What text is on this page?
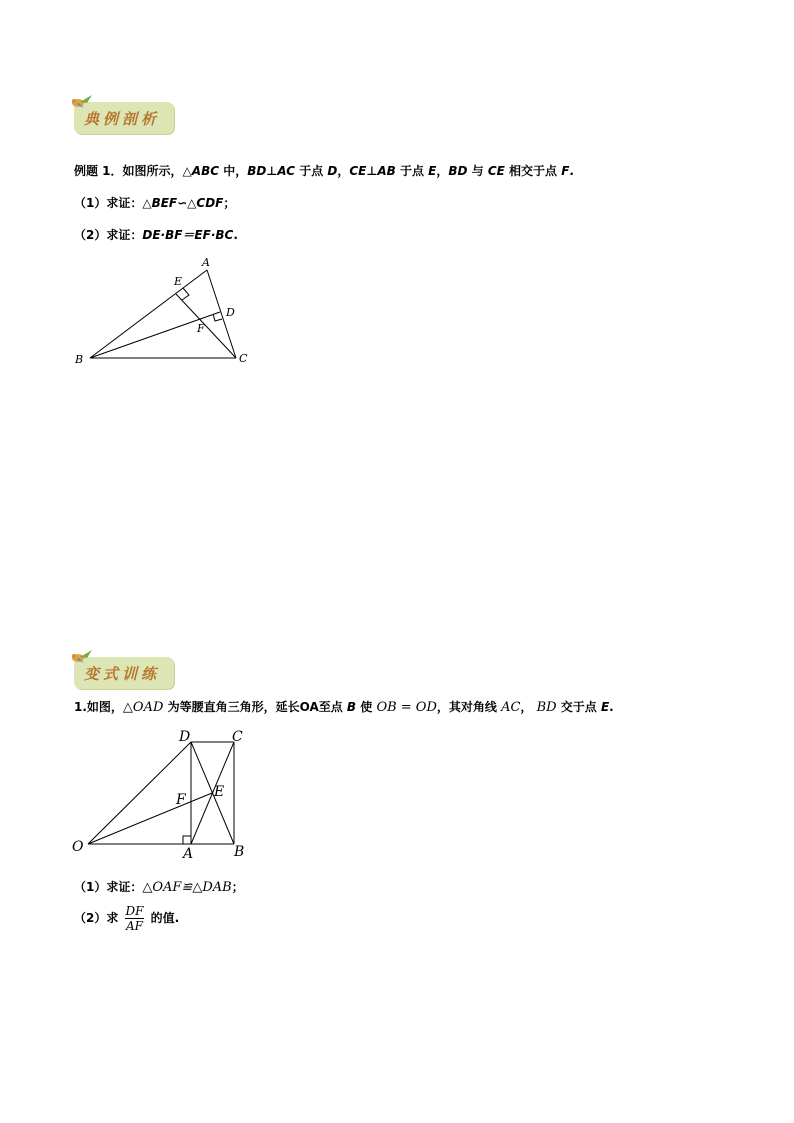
典例剖析
例题 1．如图所示，△ABC 中，BD⊥AC 于点 D，CE⊥AB 于点 E，BD 与 CE 相交于点 F.
（1）求证：△BEF∽△CDF；
（2）求证：DE·BF＝EF·BC.
A
E
D
F
B	C
变式训练
1.如图，△OAD 为等腰直角三角形，延长OA至点 B 使 OB = OD，其对角线 AC， BD 交于点 E.
D	C
F E
O	A	B
（1）求证：△OAF≌△DAB；
（2）求 $\frac{DF}{AF}$ 的值.
